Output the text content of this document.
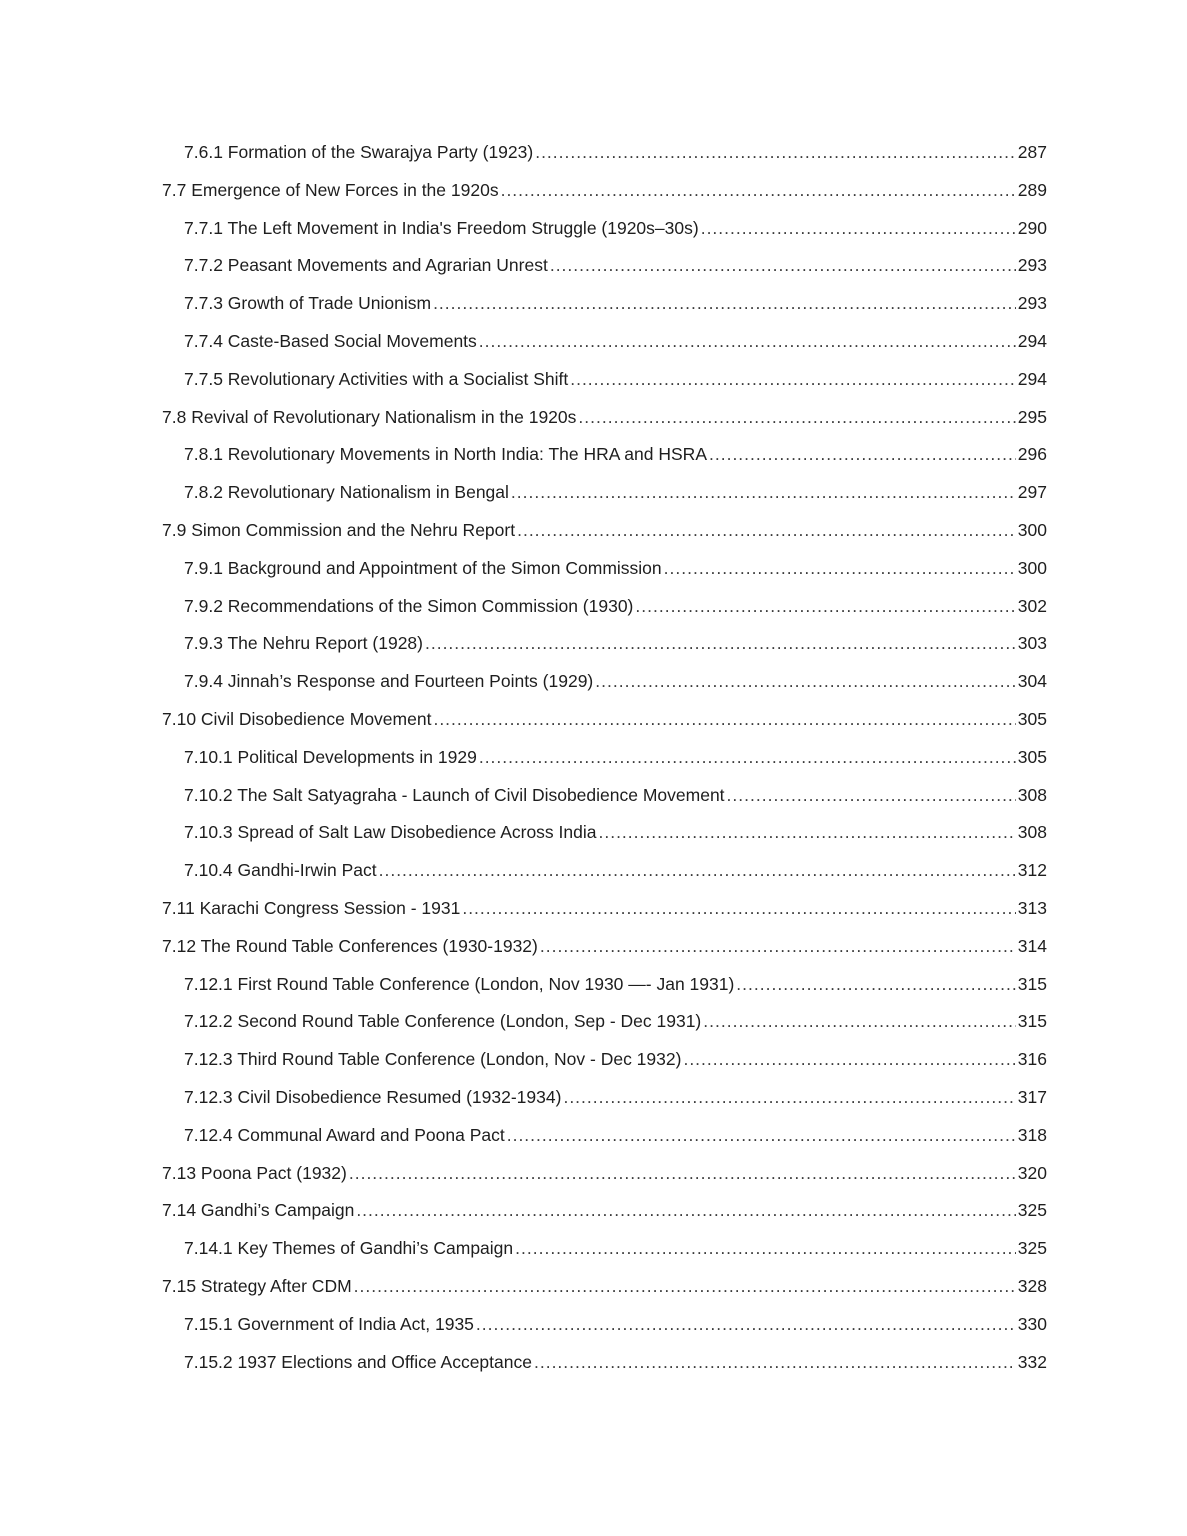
7.6.1 Formation of the Swarajya Party (1923) .....	287
7.7 Emergence of New Forces in the 1920s .....	289
7.7.1 The Left Movement in India's Freedom Struggle (1920s–30s) .....	290
7.7.2 Peasant Movements and Agrarian Unrest .....	293
7.7.3 Growth of Trade Unionism .....	293
7.7.4 Caste-Based Social Movements .....	294
7.7.5 Revolutionary Activities with a Socialist Shift .....	294
7.8 Revival of Revolutionary Nationalism in the 1920s .....	295
7.8.1 Revolutionary Movements in North India: The HRA and HSRA .....	296
7.8.2 Revolutionary Nationalism in Bengal .....	297
7.9 Simon Commission and the Nehru Report .....	300
7.9.1 Background and Appointment of the Simon Commission .....	300
7.9.2 Recommendations of the Simon Commission (1930) .....	302
7.9.3 The Nehru Report (1928) .....	303
7.9.4 Jinnah’s Response and Fourteen Points (1929) .....	304
7.10 Civil Disobedience Movement .....	305
7.10.1 Political Developments in 1929 .....	305
7.10.2 The Salt Satyagraha - Launch of Civil Disobedience Movement .....	308
7.10.3 Spread of Salt Law Disobedience Across India .....	308
7.10.4 Gandhi-Irwin Pact .....	312
7.11 Karachi Congress Session - 1931 .....	313
7.12 The Round Table Conferences (1930-1932) .....	314
7.12.1 First Round Table Conference (London, Nov 1930 —- Jan 1931) .....	315
7.12.2 Second Round Table Conference (London, Sep - Dec 1931) .....	315
7.12.3 Third Round Table Conference (London, Nov - Dec 1932) .....	316
7.12.3 Civil Disobedience Resumed (1932-1934) .....	317
7.12.4 Communal Award and Poona Pact .....	318
7.13 Poona Pact (1932) .....	320
7.14 Gandhi’s Campaign .....	325
7.14.1 Key Themes of Gandhi’s Campaign .....	325
7.15 Strategy After CDM .....	328
7.15.1 Government of India Act, 1935 .....	330
7.15.2 1937 Elections and Office Acceptance .....	332
